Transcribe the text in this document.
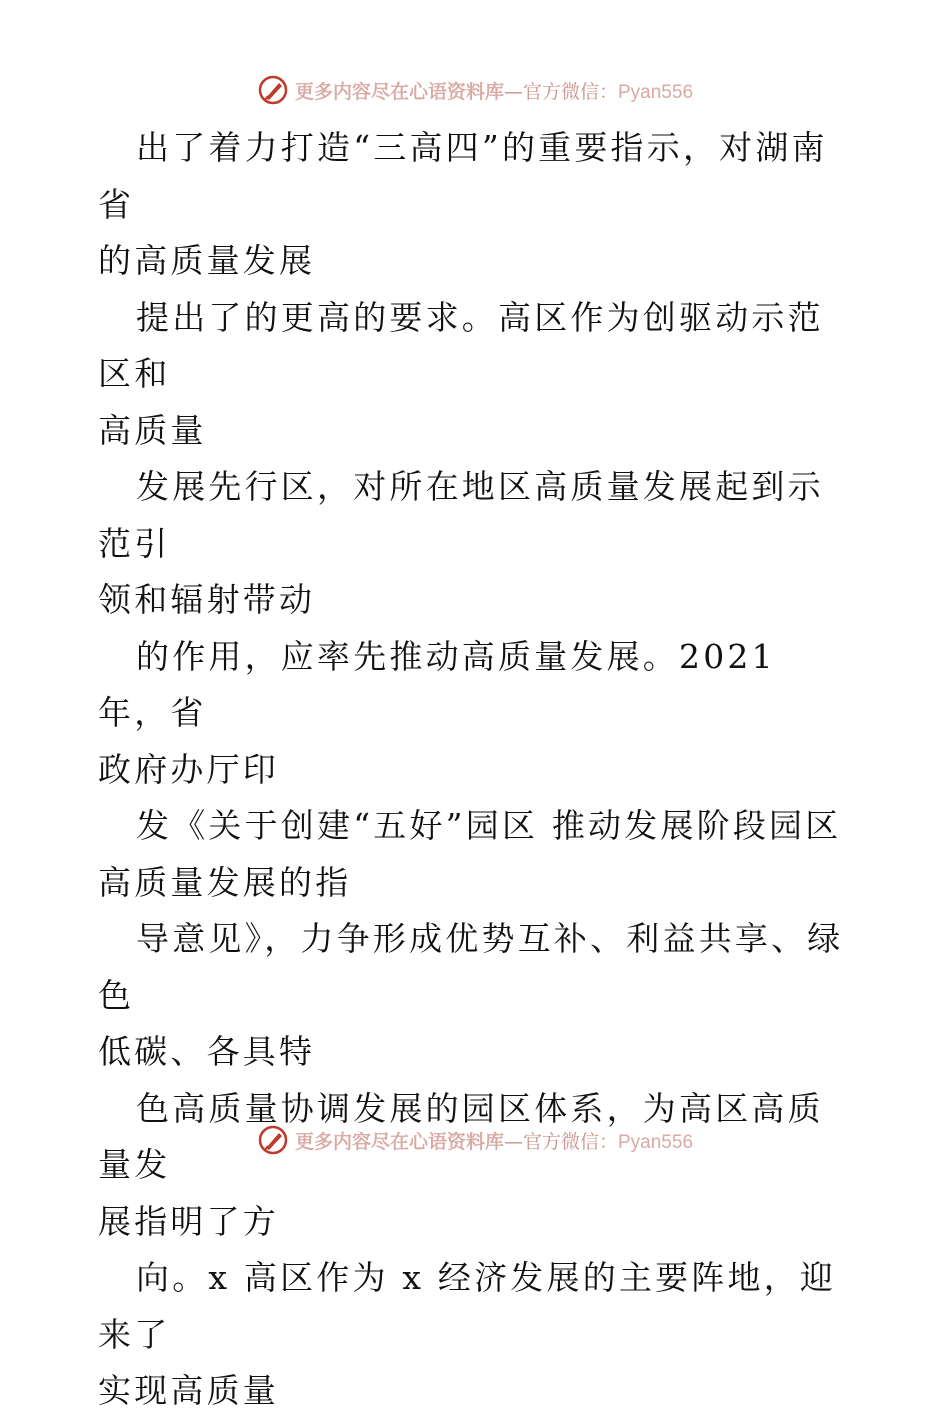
更多内容尽在心语资料库—官方微信：Pyan556

出了着力打造“三高四”的重要指示，对湖南省
的高质量发展

提出了的更高的要求。高区作为创驱动示范区和
高质量

发展先行区，对所在地区高质量发展起到示范引
领和辐射带动

的作用，应率先推动高质量发展。2021 年，省
政府办厅印

发《关于创建“五好”园区 推动发展阶段园区
高质量发展的指

导意见》，力争形成优势互补、利益共享、绿色
低碳、各具特

色高质量协调发展的园区体系，为高区高质量发
展指明了方

向。x 高区作为 x 经济发展的主要阵地，迎来了
实现高质量

更多内容尽在心语资料库—官方微信：Pyan556
